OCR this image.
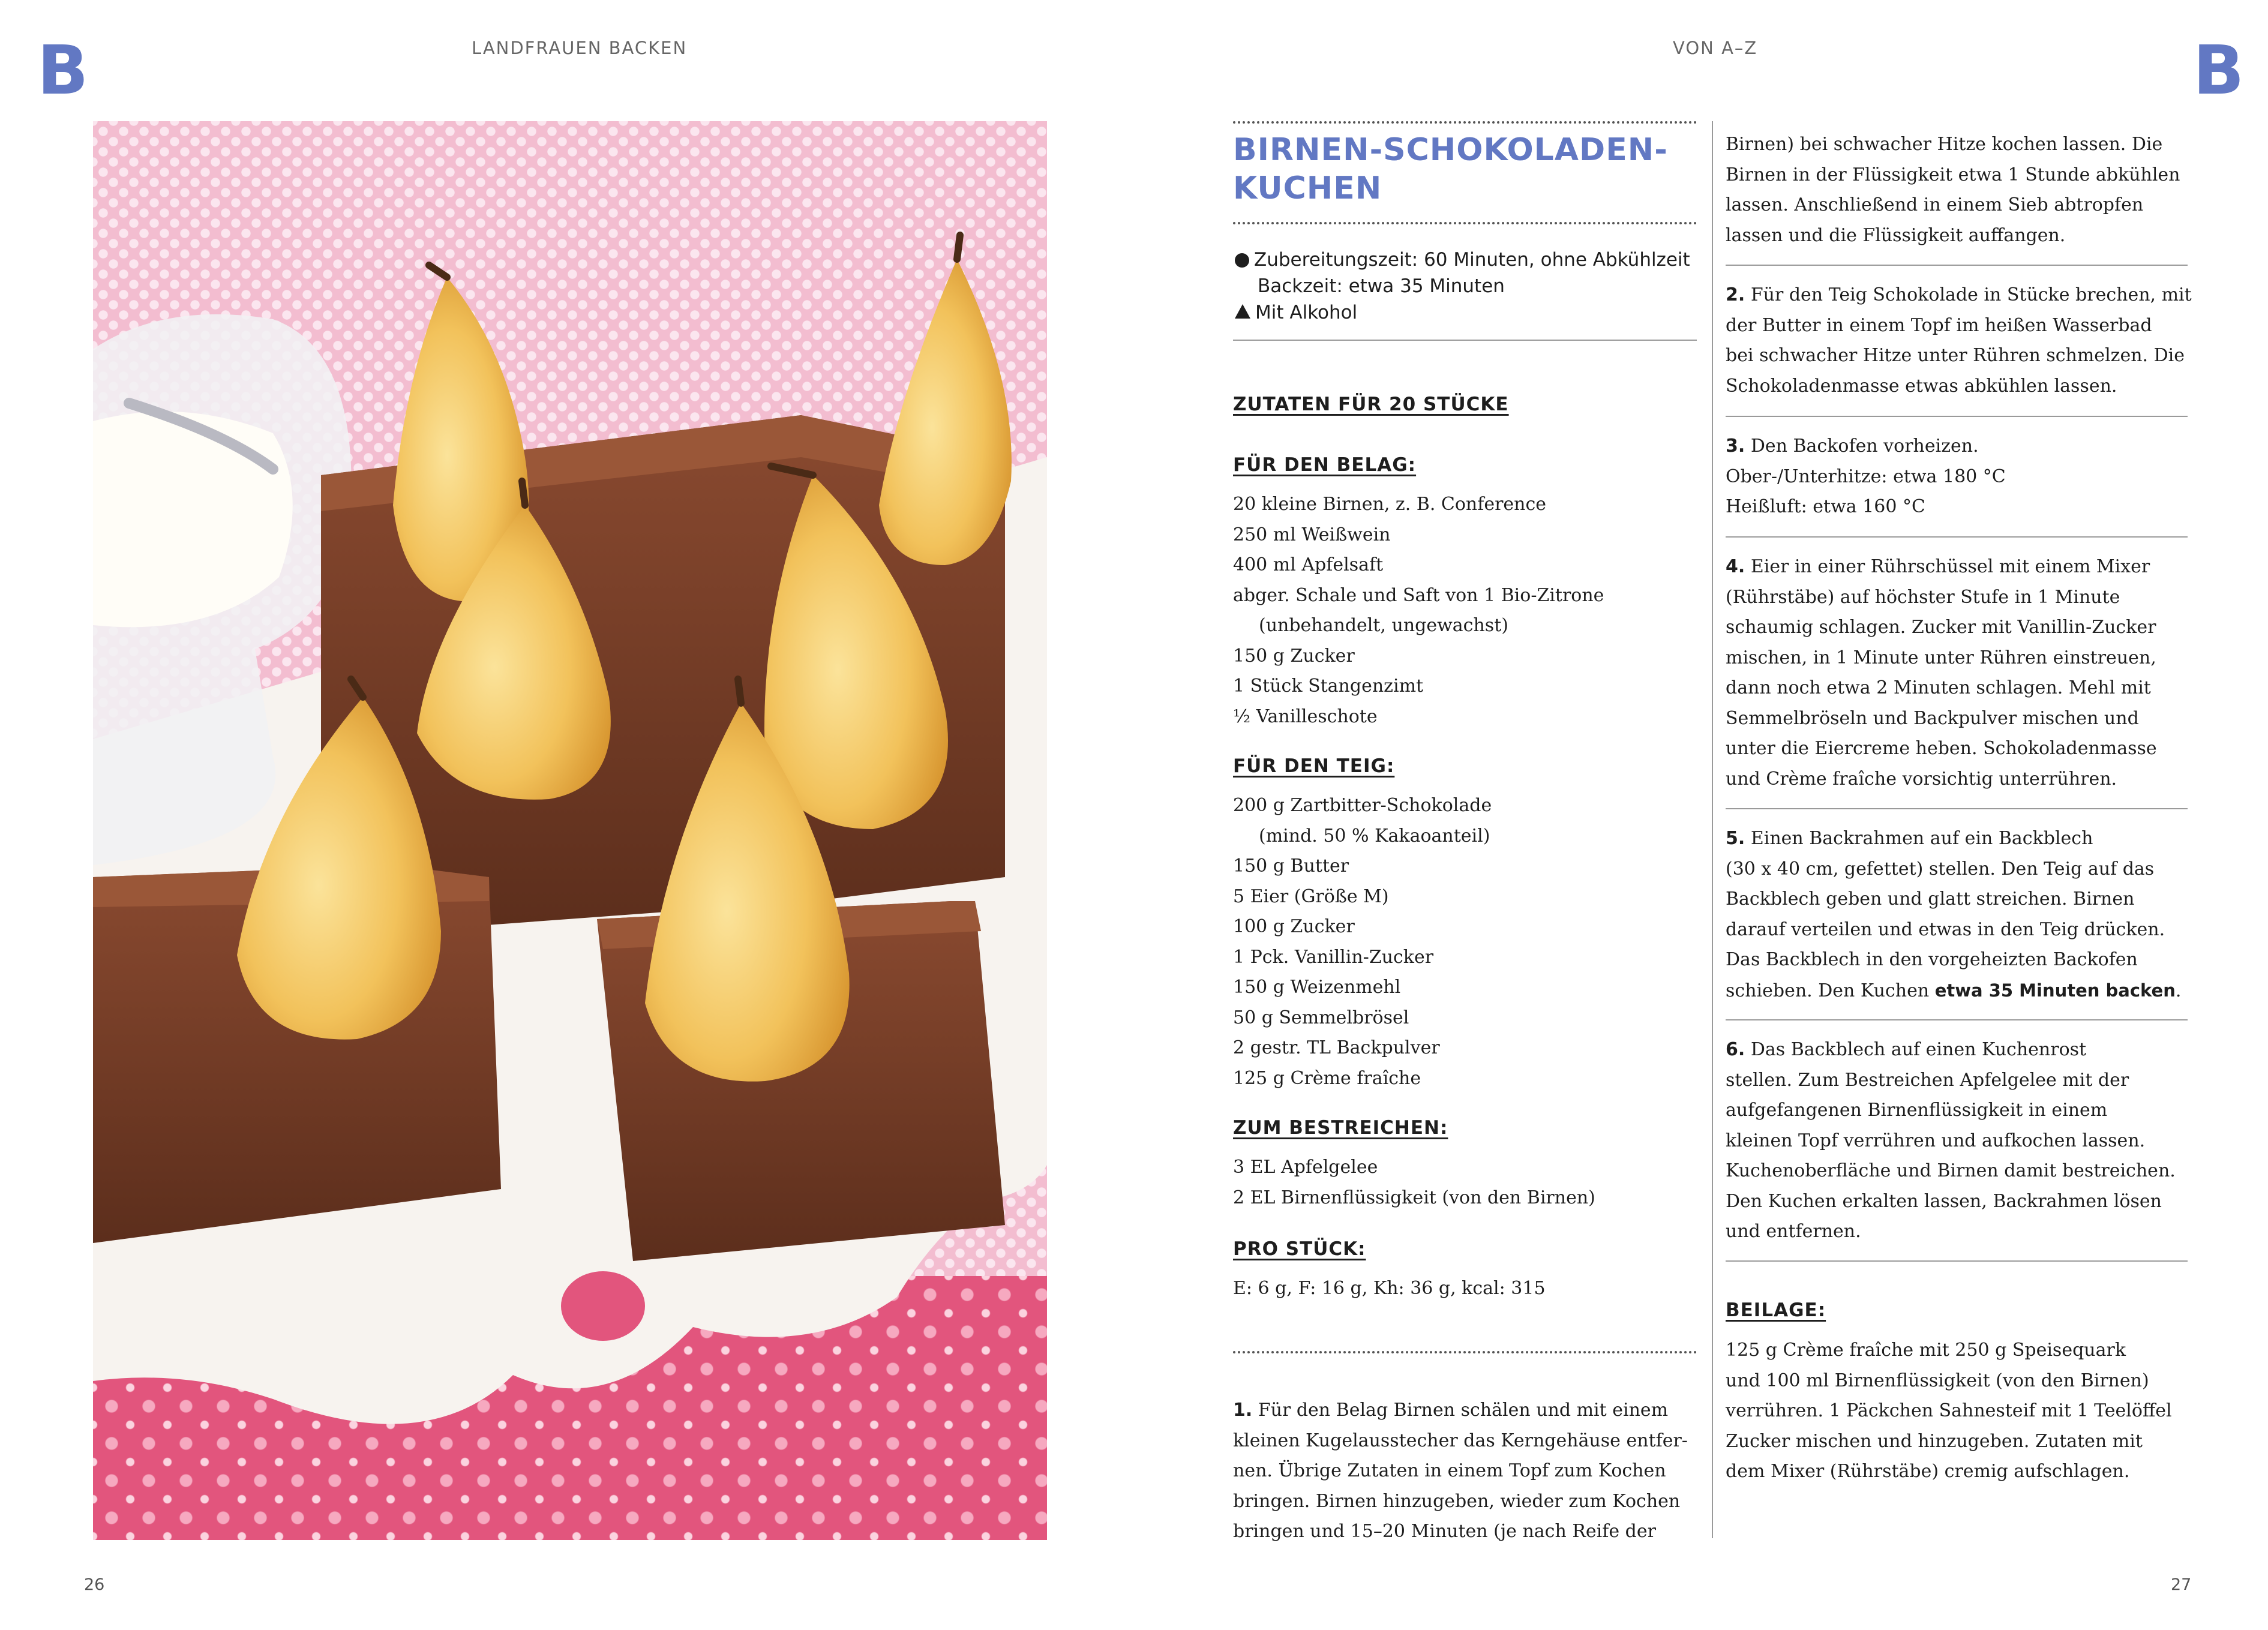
B	LANDFRAUEN BACKEN	VON A–Z	B
BIRNEN-SCHOKOLADEN-
KUCHEN
Zubereitungszeit: 60 Minuten, ohne Abkühlzeit
Backzeit: etwa 35 Minuten
Mit Alkohol
ZUTATEN FÜR 20 STÜCKE
FÜR DEN BELAG:
20 kleine Birnen, z. B. Conference
250 ml Weißwein
400 ml Apfelsaft
abger. Schale und Saft von 1 Bio-Zitrone
(unbehandelt, ungewachst)
150 g Zucker
1 Stück Stangenzimt
½ Vanilleschote
FÜR DEN TEIG:
200 g Zartbitter-Schokolade
(mind. 50 % Kakaoanteil)
150 g Butter
5 Eier (Größe M)
100 g Zucker
1 Pck. Vanillin-Zucker
150 g Weizenmehl
50 g Semmelbrösel
2 gestr. TL Backpulver
125 g Crème fraîche
ZUM BESTREICHEN:
3 EL Apfelgelee
2 EL Birnenflüssigkeit (von den Birnen)
PRO STÜCK:
E: 6 g, F: 16 g, Kh: 36 g, kcal: 315
1. Für den Belag Birnen schälen und mit einem
kleinen Kugelausstecher das Kerngehäuse entfer-
nen. Übrige Zutaten in einem Topf zum Kochen
bringen. Birnen hinzugeben, wieder zum Kochen
bringen und 15–20 Minuten (je nach Reife der
Birnen) bei schwacher Hitze kochen lassen. Die
Birnen in der Flüssigkeit etwa 1 Stunde abkühlen
lassen. Anschließend in einem Sieb abtropfen
lassen und die Flüssigkeit auffangen.
2. Für den Teig Schokolade in Stücke brechen, mit
der Butter in einem Topf im heißen Wasserbad
bei schwacher Hitze unter Rühren schmelzen. Die
Schokoladenmasse etwas abkühlen lassen.
3. Den Backofen vorheizen.
Ober-/Unterhitze: etwa 180 °C
Heißluft: etwa 160 °C
4. Eier in einer Rührschüssel mit einem Mixer
(Rührstäbe) auf höchster Stufe in 1 Minute
schaumig schlagen. Zucker mit Vanillin-Zucker
mischen, in 1 Minute unter Rühren einstreuen,
dann noch etwa 2 Minuten schlagen. Mehl mit
Semmelbröseln und Backpulver mischen und
unter die Eiercreme heben. Schokoladenmasse
und Crème fraîche vorsichtig unterrühren.
5. Einen Backrahmen auf ein Backblech
(30 x 40 cm, gefettet) stellen. Den Teig auf das
Backblech geben und glatt streichen. Birnen
darauf verteilen und etwas in den Teig drücken.
Das Backblech in den vorgeheizten Backofen
schieben. Den Kuchen etwa 35 Minuten backen.
6. Das Backblech auf einen Kuchenrost
stellen. Zum Bestreichen Apfelgelee mit der
aufgefangenen Birnenflüssigkeit in einem
kleinen Topf verrühren und aufkochen lassen.
Kuchenoberfläche und Birnen damit bestreichen.
Den Kuchen erkalten lassen, Backrahmen lösen
und entfernen.
BEILAGE:
125 g Crème fraîche mit 250 g Speisequark
und 100 ml Birnenflüssigkeit (von den Birnen)
verrühren. 1 Päckchen Sahnesteif mit 1 Teelöffel
Zucker mischen und hinzugeben. Zutaten mit
dem Mixer (Rührstäbe) cremig aufschlagen.
26	27
